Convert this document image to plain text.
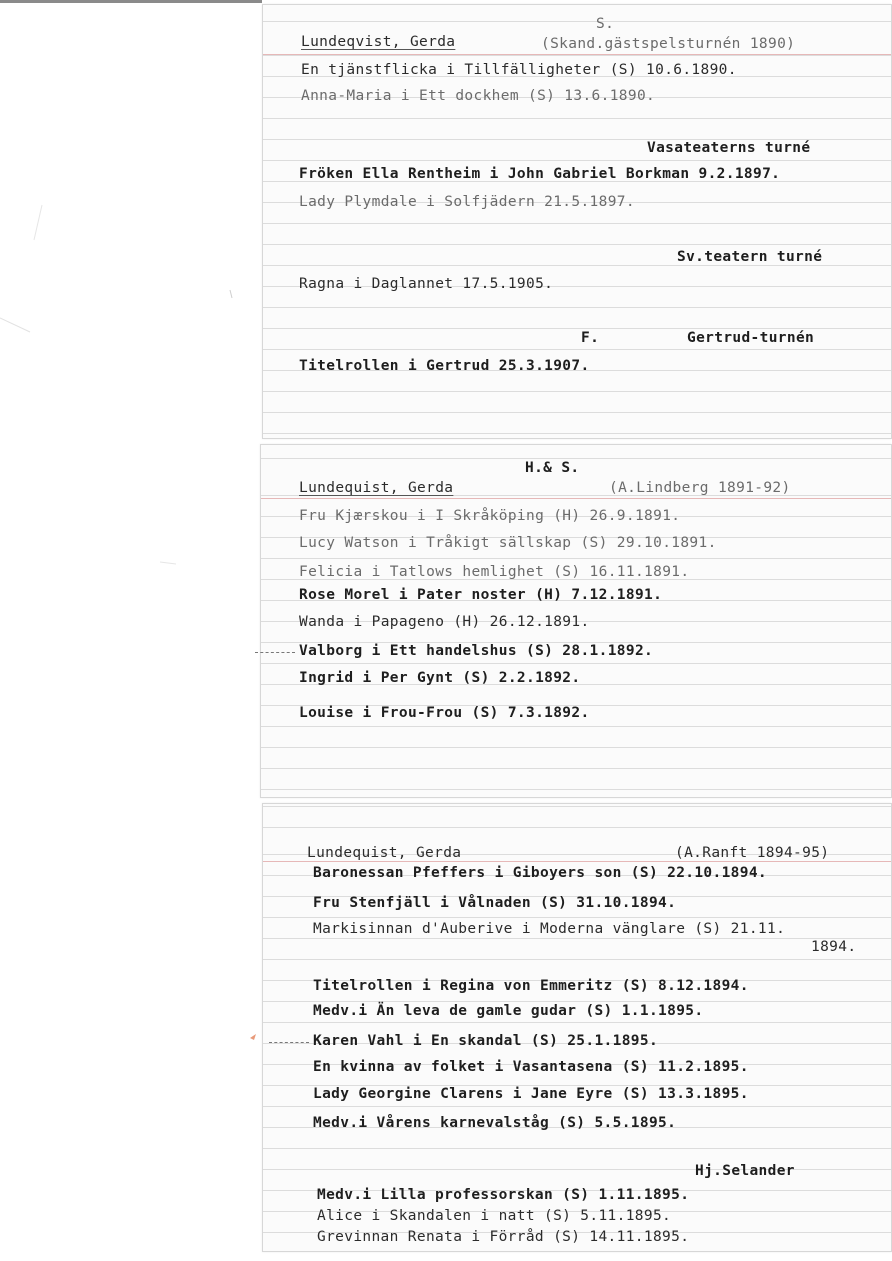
S.
Lundeqvist, Gerda	(Skand.gästspelsturnén 1890)
En tjänstflicka i Tillfälligheter (S) 10.6.1890.
Anna-Maria i Ett dockhem (S) 13.6.1890.
Vasateaterns turné
Fröken Ella Rentheim i John Gabriel Borkman 9.2.1897.
Lady Plymdale i Solfjädern 21.5.1897.
Sv.teatern turné
Ragna i Daglannet 17.5.1905.
F.	Gertrud-turnén
Titelrollen i Gertrud 25.3.1907.
H.& S.
Lundequist, Gerda	(A.Lindberg 1891-92)
Fru Kjærskou i I Skråköping (H) 26.9.1891.
Lucy Watson i Tråkigt sällskap (S) 29.10.1891.
Felicia i Tatlows hemlighet (S) 16.11.1891.
Rose Morel i Pater noster (H) 7.12.1891.
Wanda i Papageno (H) 26.12.1891.
Valborg i Ett handelshus (S) 28.1.1892.
Ingrid i Per Gynt (S) 2.2.1892.
Louise i Frou-Frou (S) 7.3.1892.
Lundequist, Gerda	(A.Ranft 1894-95)
Baronessan Pfeffers i Giboyers son (S) 22.10.1894.
Fru Stenfjäll i Vålnaden (S) 31.10.1894.
Markisinnan d'Auberive i Moderna vänglare (S) 21.11.
1894.
Titelrollen i Regina von Emmeritz (S) 8.12.1894.
Medv.i Än leva de gamle gudar (S) 1.1.1895.
Karen Vahl i En skandal (S) 25.1.1895.
En kvinna av folket i Vasantasena (S) 11.2.1895.
Lady Georgine Clarens i Jane Eyre (S) 13.3.1895.
Medv.i Vårens karnevalståg (S) 5.5.1895.
Hj.Selander
Medv.i Lilla professorskan (S) 1.11.1895.
Alice i Skandalen i natt (S) 5.11.1895.
Grevinnan Renata i Förråd (S) 14.11.1895.
